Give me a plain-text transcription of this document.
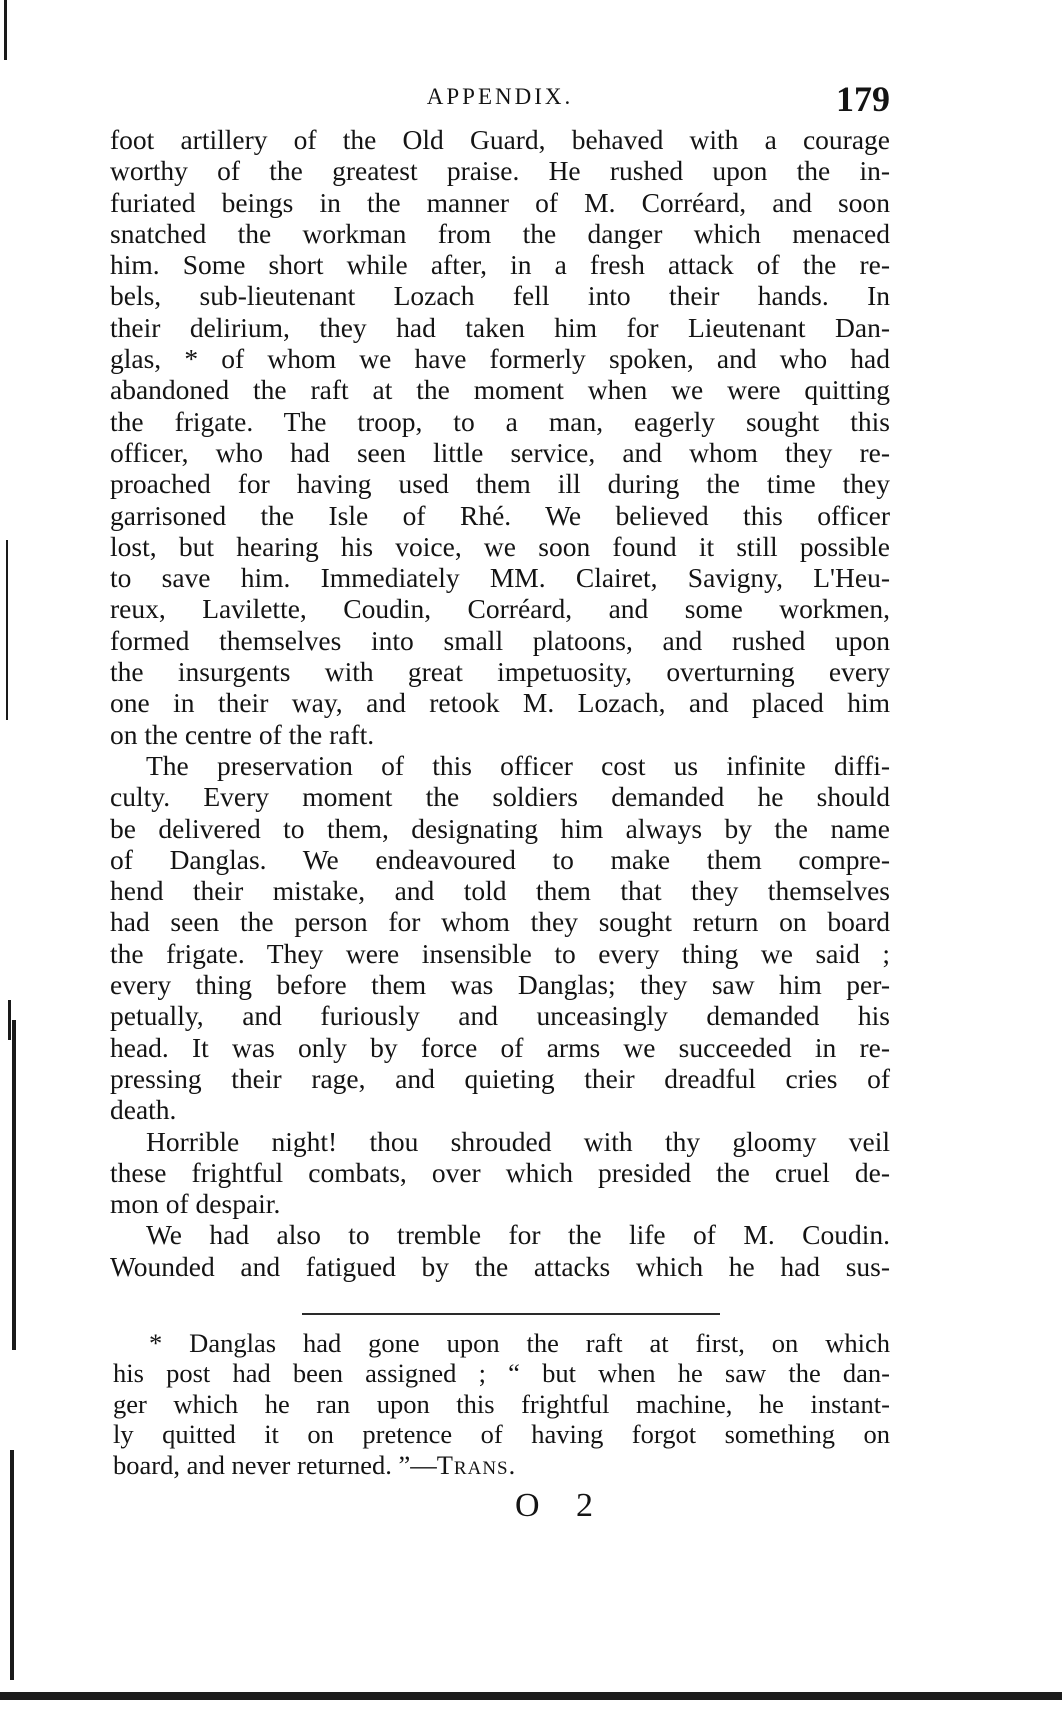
APPENDIX.	179
foot artillery of the Old Guard, behaved with a courage
worthy of the greatest praise. He rushed upon the in-
furiated beings in the manner of M. Corréard, and soon
snatched the workman from the danger which menaced
him. Some short while after, in a fresh attack of the re-
bels, sub-lieutenant Lozach fell into their hands. In
their delirium, they had taken him for Lieutenant Dan-
glas, * of whom we have formerly spoken, and who had
abandoned the raft at the moment when we were quitting
the frigate. The troop, to a man, eagerly sought this
officer, who had seen little service, and whom they re-
proached for having used them ill during the time they
garrisoned the Isle of Rhé. We believed this officer
lost, but hearing his voice, we soon found it still possible
to save him. Immediately MM. Clairet, Savigny, L'Heu-
reux, Lavilette, Coudin, Corréard, and some workmen,
formed themselves into small platoons, and rushed upon
the insurgents with great impetuosity, overturning every
one in their way, and retook M. Lozach, and placed him
on the centre of the raft.
The preservation of this officer cost us infinite diffi-
culty. Every moment the soldiers demanded he should
be delivered to them, designating him always by the name
of Danglas. We endeavoured to make them compre-
hend their mistake, and told them that they themselves
had seen the person for whom they sought return on board
the frigate. They were insensible to every thing we said ;
every thing before them was Danglas; they saw him per-
petually, and furiously and unceasingly demanded his
head. It was only by force of arms we succeeded in re-
pressing their rage, and quieting their dreadful cries of
death.
Horrible night! thou shrouded with thy gloomy veil
these frightful combats, over which presided the cruel de-
mon of despair.
We had also to tremble for the life of M. Coudin.
Wounded and fatigued by the attacks which he had sus-
* Danglas had gone upon the raft at first, on which
his post had been assigned ; “ but when he saw the dan-
ger which he ran upon this frightful machine, he instant-
ly quitted it on pretence of having forgot something on
board, and never returned. ”—Trans.
O 2
